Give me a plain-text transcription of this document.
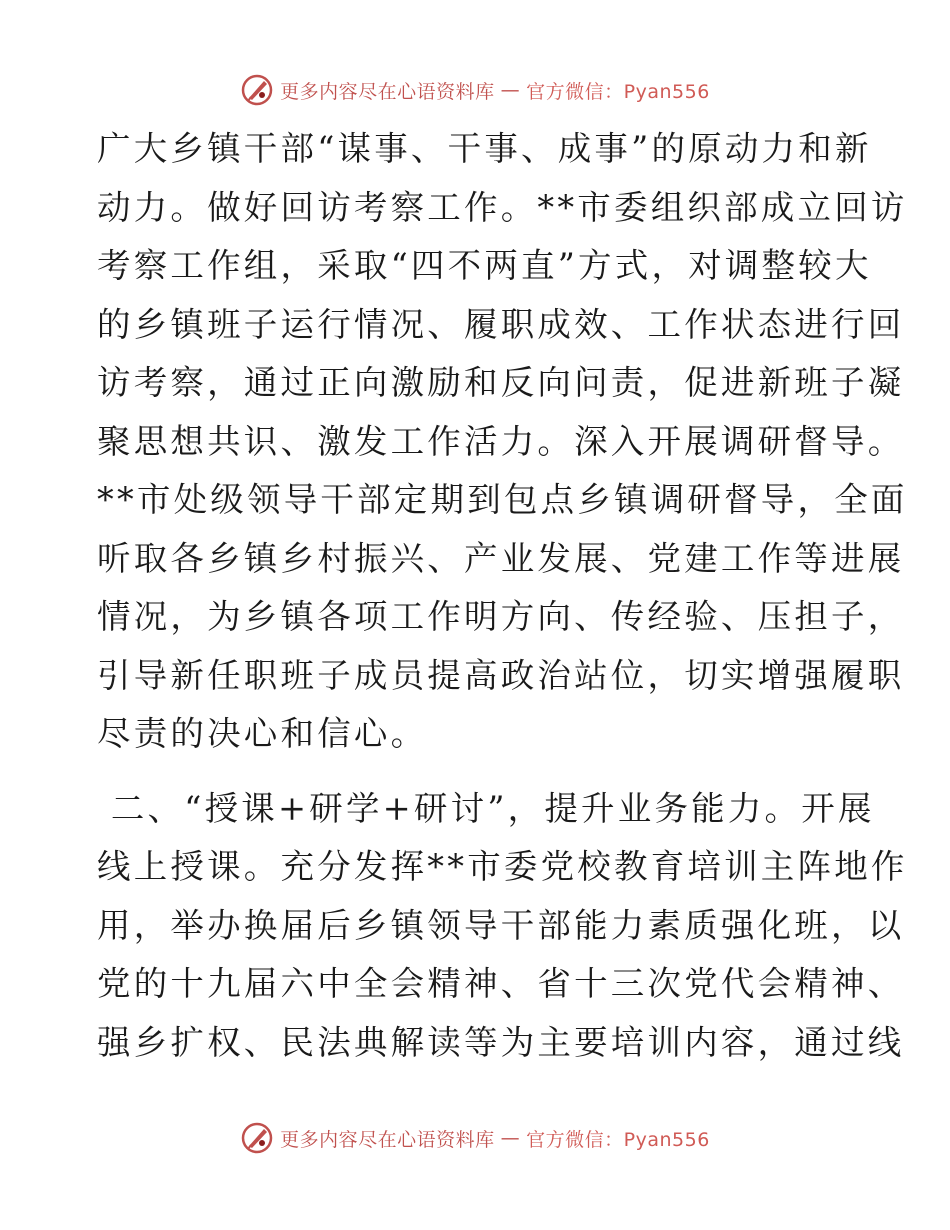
更多内容尽在心语资料库 — 官方微信：Pyan556

广大乡镇干部“谋事、干事、成事”的原动力和新
动力。做好回访考察工作。**市委组织部成立回访
考察工作组，采取“四不两直”方式，对调整较大
的乡镇班子运行情况、履职成效、工作状态进行回
访考察，通过正向激励和反向问责，促进新班子凝
聚思想共识、激发工作活力。深入开展调研督导。
**市处级领导干部定期到包点乡镇调研督导，全面
听取各乡镇乡村振兴、产业发展、党建工作等进展
情况，为乡镇各项工作明方向、传经验、压担子，
引导新任职班子成员提高政治站位，切实增强履职
尽责的决心和信心。

二、“授课+研学+研讨”，提升业务能力。开展
线上授课。充分发挥**市委党校教育培训主阵地作
用，举办换届后乡镇领导干部能力素质强化班，以
党的十九届六中全会精神、省十三次党代会精神、
强乡扩权、民法典解读等为主要培训内容，通过线

更多内容尽在心语资料库 — 官方微信：Pyan556
